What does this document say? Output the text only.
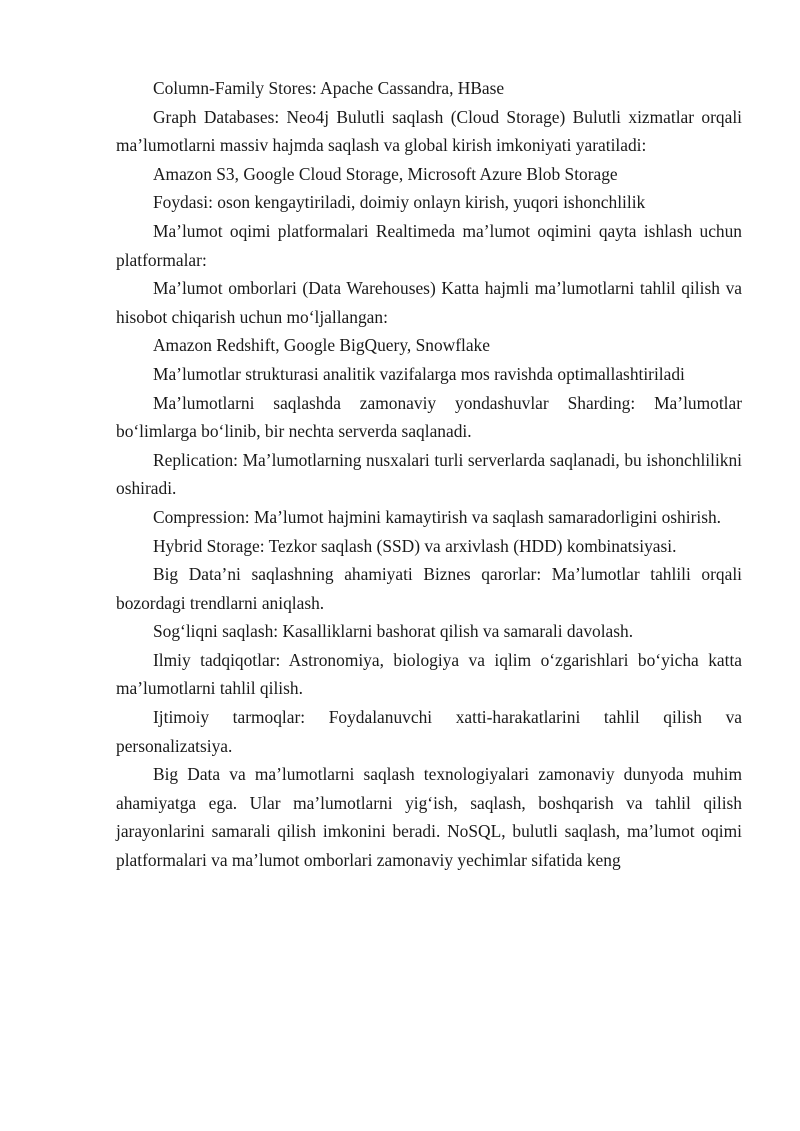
Column-Family Stores: Apache Cassandra, HBase

Graph Databases: Neo4j Bulutli saqlash (Cloud Storage) Bulutli xizmatlar orqali ma’lumotlarni massiv hajmda saqlash va global kirish imkoniyati yaratiladi:

Amazon S3, Google Cloud Storage, Microsoft Azure Blob Storage

Foydasi: oson kengaytiriladi, doimiy onlayn kirish, yuqori ishonchlilik

Ma’lumot oqimi platformalari Realtimeda ma’lumot oqimini qayta ishlash uchun platformalar:

Ma’lumot omborlari (Data Warehouses) Katta hajmli ma’lumotlarni tahlil qilish va hisobot chiqarish uchun mo‘ljallangan:

Amazon Redshift, Google BigQuery, Snowflake

Ma’lumotlar strukturasi analitik vazifalarga mos ravishda optimallashtiriladi

Ma’lumotlarni saqlashda zamonaviy yondashuvlar Sharding: Ma’lumotlar bo‘limlarga bo‘linib, bir nechta serverda saqlanadi.

Replication: Ma’lumotlarning nusxalari turli serverlarda saqlanadi, bu ishonchlilikni oshiradi.

Compression: Ma’lumot hajmini kamaytirish va saqlash samaradorligini oshirish.

Hybrid Storage: Tezkor saqlash (SSD) va arxivlash (HDD) kombinatsiyasi.

Big Data’ni saqlashning ahamiyati Biznes qarorlar: Ma’lumotlar tahlili orqali bozordagi trendlarni aniqlash.

Sog‘liqni saqlash: Kasalliklarni bashorat qilish va samarali davolash.

Ilmiy tadqiqotlar: Astronomiya, biologiya va iqlim o‘zgarishlari bo‘yicha katta ma’lumotlarni tahlil qilish.

Ijtimoiy tarmoqlar: Foydalanuvchi xatti-harakatlarini tahlil qilish va personalizatsiya.

Big Data va ma’lumotlarni saqlash texnologiyalari zamonaviy dunyoda muhim ahamiyatga ega. Ular ma’lumotlarni yig‘ish, saqlash, boshqarish va tahlil qilish jarayonlarini samarali qilish imkonini beradi. NoSQL, bulutli saqlash, ma’lumot oqimi platformalari va ma’lumot omborlari zamonaviy yechimlar sifatida keng
